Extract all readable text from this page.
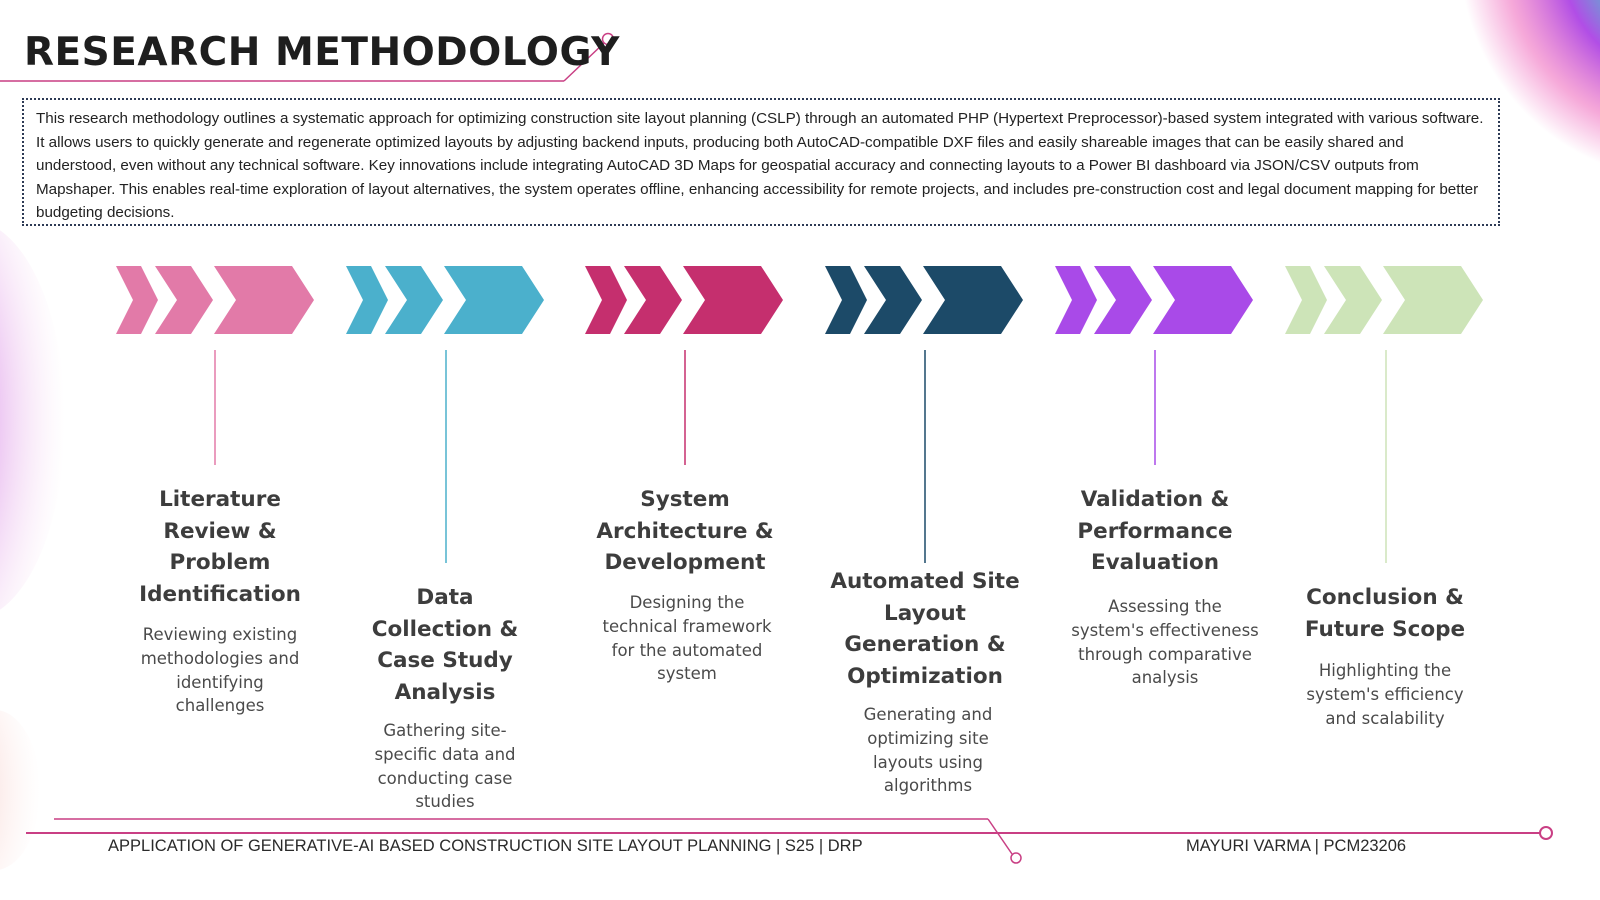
RESEARCH METHODOLOGY
This research methodology outlines a systematic approach for optimizing construction site layout planning (CSLP) through an automated PHP (Hypertext Preprocessor)-based system integrated with various software. It allows users to quickly generate and regenerate optimized layouts by adjusting backend inputs, producing both AutoCAD-compatible DXF files and easily shareable images that can be easily shared and understood, even without any technical software. Key innovations include integrating AutoCAD 3D Maps for geospatial accuracy and connecting layouts to a Power BI dashboard via JSON/CSV outputs from Mapshaper. This enables real-time exploration of layout alternatives, the system operates offline, enhancing accessibility for remote projects, and includes pre-construction cost and legal document mapping for better budgeting decisions.
Literature Review & Problem Identification
Reviewing existing methodologies and identifying challenges
Data Collection & Case Study Analysis
Gathering site-specific data and conducting case studies
System Architecture & Development
Designing the technical framework for the automated system
Automated Site Layout Generation & Optimization
Generating and optimizing site layouts using algorithms
Validation & Performance Evaluation
Assessing the system's effectiveness through comparative analysis
Conclusion & Future Scope
Highlighting the system's efficiency and scalability
APPLICATION OF GENERATIVE-AI BASED CONSTRUCTION SITE LAYOUT PLANNING | S25 | DRP	MAYURI VARMA | PCM23206
